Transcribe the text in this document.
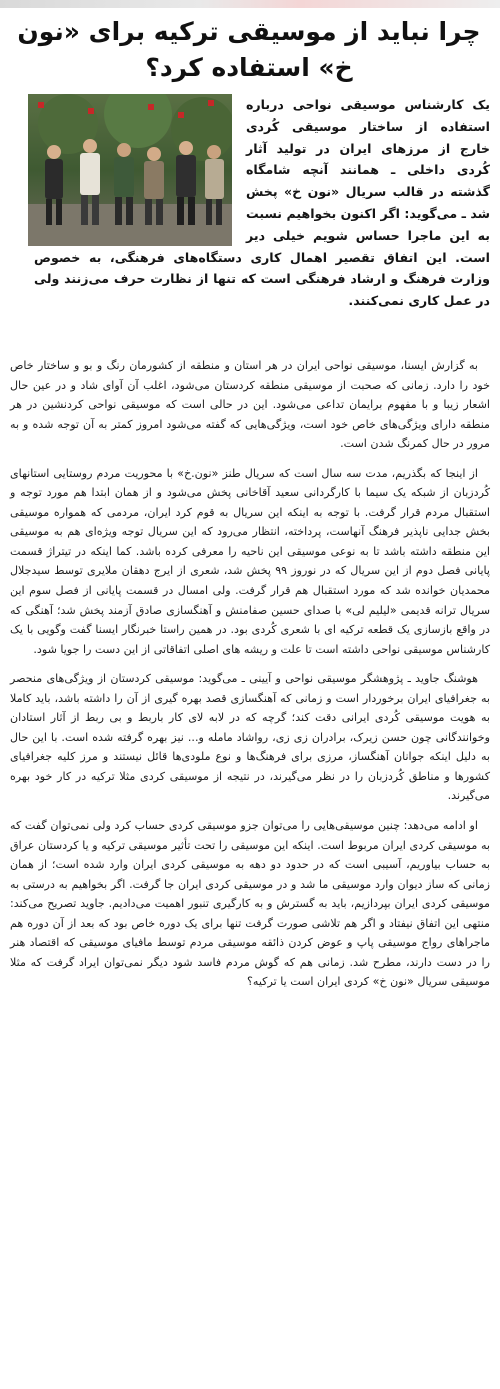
چرا نباید از موسیقی ترکیه برای «نون خ» استفاده کرد؟

یک کارشناس موسیقی نواحی درباره استفاده از ساختار موسیقی کُردی خارج از مرزهای ایران در تولید آثار کُردی داخلی ـ همانند آنچه شامگاه گذشته در قالب سریال «نون خ» پخش شد ـ می‌گوید: اگر اکنون بخواهیم نسبت به این ماجرا حساس شویم خیلی دیر است. این اتفاق تقصیر اهمال کاری دستگاه‌های فرهنگی، به خصوص وزارت فرهنگ و ارشاد فرهنگی است که تنها از نظارت حرف می‌زنند ولی در عمل کاری نمی‌کنند.

به گزارش ایسنا، موسیقی نواحی ایران در هر استان و منطقه از کشورمان رنگ و بو و ساختار خاص خود را دارد. زمانی که صحبت از موسیقی منطقه کردستان می‌شود، اغلب آن آوای شاد و در عین حال اشعار زیبا و با مفهوم برایمان تداعی می‌شود. این در حالی است که موسیقی نواحی کردنشین در هر منطقه دارای ویژگی‌های خاص خود است، ویژگی‌هایی که گفته می‌شود امروز کمتر به آن توجه شده و به مرور در حال کمرنگ شدن است.

از اینجا که بگذریم، مدت سه سال است که سریال طنز «نون.خ» با محوریت مردم روستایی استانهای کُردزبان از شبکه یک سیما با کارگردانی سعید آقاخانی پخش می‌شود و از همان ابتدا هم مورد توجه و استقبال مردم قرار گرفت. با توجه به اینکه این سریال به قوم کرد ایران، مردمی که همواره موسیقی بخش جدایی ناپذیر فرهنگ آنهاست، پرداخته، انتظار می‌رود که این سریال توجه ویژه‌ای هم به موسیقی این منطقه داشته باشد تا به نوعی موسیقی این ناحیه را معرفی کرده باشد. کما اینکه در تیتراژ قسمت پایانی فصل دوم از این سریال که در نوروز ۹۹ پخش شد، شعری از ایرج دهقان ملایری توسط سیدجلال محمدیان خوانده شد که مورد استقبال هم قرار گرفت. ولی امسال در قسمت پایانی از فصل سوم این سریال ترانه قدیمی «لیلیم لی» با صدای حسین صفامنش و آهنگسازی صادق آزمند پخش شد؛ آهنگی که در واقع بازسازی یک قطعه ترکیه ای با شعری کُردی بود. در همین راستا خبرنگار ایسنا گفت وگویی با یک کارشناس موسیقی نواحی داشته است تا علت و ریشه های اصلی اتفاقاتی از این دست را جویا شود.

هوشنگ جاوید ـ پژوهشگر موسیقی نواحی و آیینی ـ می‌گوید: موسیقی کردستان از ویژگی‌های منحصر به جغرافیای ایران برخوردار است و زمانی که آهنگسازی قصد بهره گیری از آن را داشته باشد، باید کاملا به هویت موسیقی کُردی ایرانی دقت کند؛ گرچه که در لابه لای کار باربط و بی ربط از آثار استادان وخوانندگانی چون حسن زیرک، برادران زی زی، رواشاد مامله و... نیز بهره گرفته شده است. با این حال به دلیل اینکه جوانان آهنگساز، مرزی برای فرهنگ‌ها و نوع ملودی‌ها قائل نیستند و مرز کلیه جغرافیای کشورها و مناطق کُردزبان را در نظر می‌گیرند، در نتیجه از موسیقی کردی مثلا ترکیه در کار خود بهره می‌گیرند.

او ادامه می‌دهد: چنین موسیقی‌هایی را می‌توان جزو موسیقی کردی حساب کرد ولی نمی‌توان گفت که به موسیقی کردی ایران مربوط است. اینکه این موسیقی را تحت تأثیر موسیقی ترکیه و یا کردستان عراق به حساب بیاوریم، آسیبی است که در حدود دو دهه به موسیقی کردی ایران وارد شده است؛ از همان زمانی که ساز دیوان وارد موسیقی ما شد و در موسیقی کردی ایران جا گرفت. اگر بخواهیم به درستی به موسیقی کردی ایران بپردازیم، باید به گسترش و به کارگیری تنبور اهمیت می‌دادیم. جاوید تصریح می‌کند: منتهی این اتفاق نیفتاد و اگر هم تلاشی صورت گرفت تنها برای یک دوره خاص بود که بعد از آن دوره هم ماجراهای رواج موسیقی پاپ و عوض کردن ذائقه موسیقی مردم توسط مافیای موسیقی که اقتصاد هنر را در دست دارند، مطرح شد. زمانی هم که گوش مردم فاسد شود دیگر نمی‌توان ایراد گرفت که مثلا موسیقی سریال «نون خ» کردی ایران است یا ترکیه؟
